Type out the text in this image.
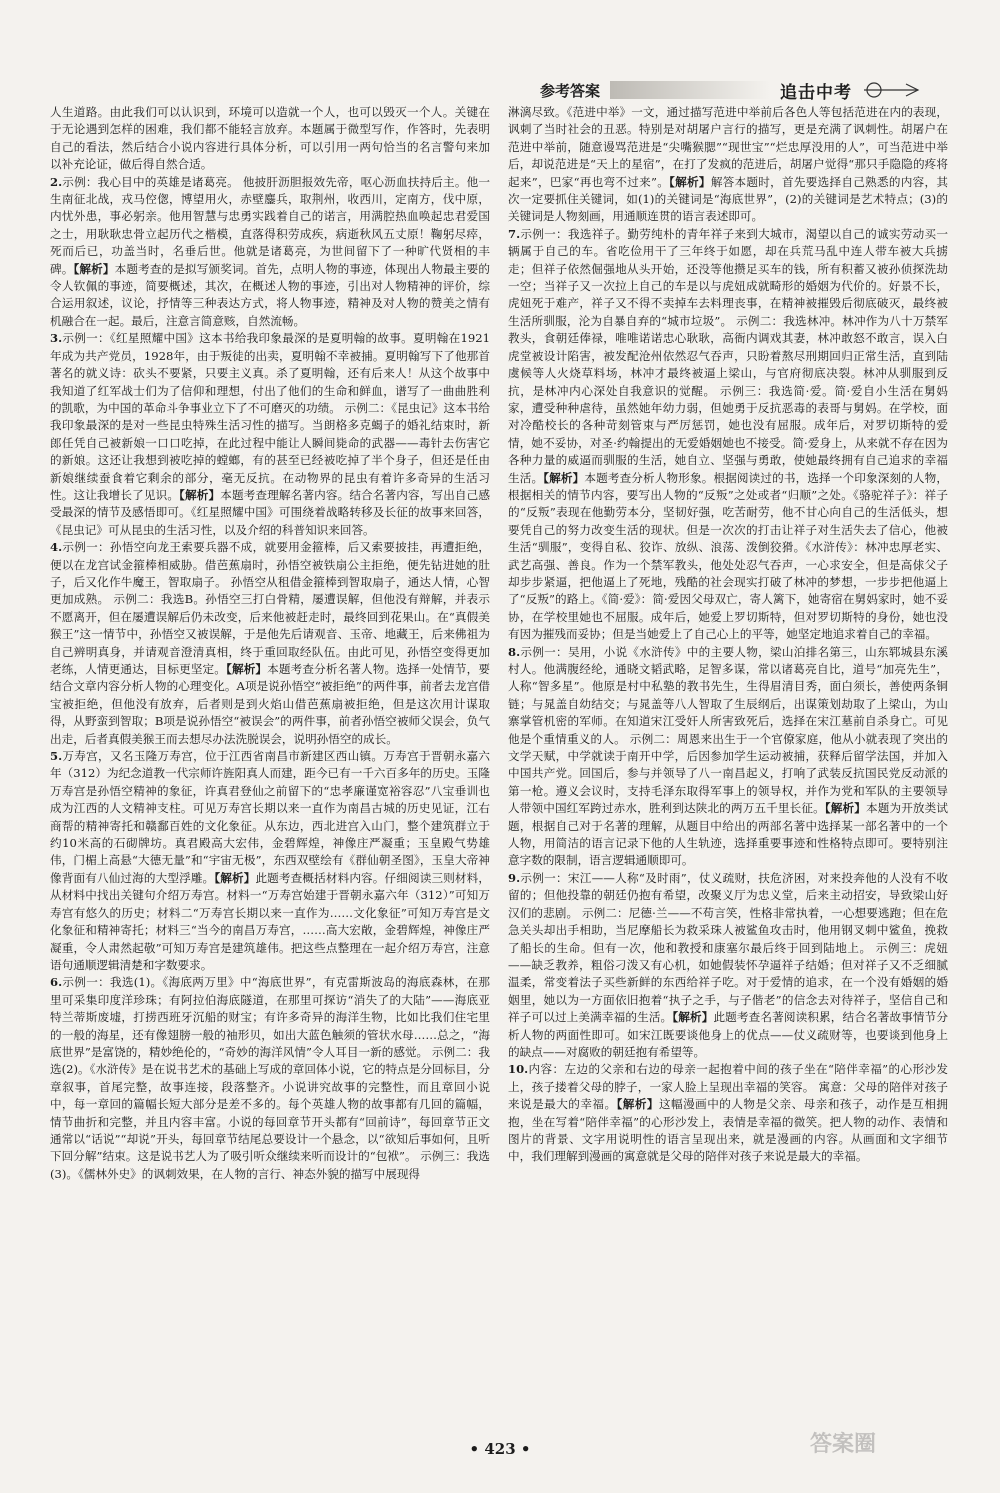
参考答案	追击中考

人生道路。由此我们可以认识到，环境可以造就一个人，也可以毁灭一个人。关键在于无论遇到怎样的困难，我们都不能轻言放弃。本题属于微型写作，作答时，先表明自己的看法，然后结合小说内容进行具体分析，可以引用一两句恰当的名言警句来加以补充论证，做后得自然合适。

2.示例：我心目中的英雄是诸葛亮。 他披肝沥胆报效先帝，呕心沥血扶持后主。他一生南征北战，戎马倥偬，博望用火，赤壁鏖兵，取荆州，收西川，定南方，伐中原，内忧外患，事必躬亲。他用智慧与忠勇实践着自己的诺言，用满腔热血唤起忠君爱国之士，用耿耿忠骨立起历代之楷模，直落得积劳成疾，病逝秋风五丈原！鞠躬尽瘁，死而后已，功盖当时，名垂后世。他就是诸葛亮，为世间留下了一种旷代贤相的丰碑。【解析】本题考查的是拟写颁奖词。首先，点明人物的事迹，体现出人物最主要的令人钦佩的事迹，简要概述，其次，在概述人物的事迹，引出对人物精神的评价，综合运用叙述，议论，抒情等三种表达方式，将人物事迹，精神及对人物的赞美之情有机融合在一起。最后，注意言简意赅，自然流畅。

3.示例一：《红星照耀中国》这本书给我印象最深的是夏明翰的故事。夏明翰在1921年成为共产党员，1928年，由于叛徒的出卖，夏明翰不幸被捕。夏明翰写下了他那首著名的就义诗：砍头不要紧，只要主义真。杀了夏明翰，还有后来人！从这个故事中我知道了红军战士们为了信仰和理想，付出了他们的生命和鲜血，谱写了一曲曲胜利的凯歌，为中国的革命斗争事业立下了不可磨灭的功绩。 示例二：《昆虫记》这本书给我印象最深的是对一些昆虫特殊生活习性的描写。当朗格多克蝎子的婚礼结束时，新郎任凭自己被新娘一口口吃掉，在此过程中能让人瞬间毙命的武器——毒针去伤害它的新娘。这还让我想到被吃掉的螳螂，有的甚至已经被吃掉了半个身子，但还是任由新娘继续蚕食着它剩余的部分，毫无反抗。在动物界的昆虫有着许多奇异的生活习性。这让我增长了见识。【解析】本题考查理解名著内容。结合名著内容，写出自己感受最深的情节及感悟即可。《红星照耀中国》可围绕着战略转移及长征的故事来回答，《昆虫记》可从昆虫的生活习性，以及介绍的科普知识来回答。

4.示例一：孙悟空向龙王索要兵器不成，就要用金箍棒，后又索要披挂，再遭拒绝，便以在龙宫试金箍棒相威胁。借芭蕉扇时，孙悟空被铁扇公主拒绝，便先钻进她的肚子，后又化作牛魔王，智取扇子。 孙悟空从租借金箍棒到智取扇子，通达人情，心智更加成熟。 示例二：我选B。孙悟空三打白骨精，屡遭误解，但他没有辩解，并表示不愿离开，但在屡遭误解后仍未改变，后来他被赶走时，最终回到花果山。在“真假美猴王”这一情节中，孙悟空又被误解，于是他先后请观音、玉帝、地藏王，后来佛祖为自己辨明真身，并请观音澄清真相，终于重回取经队伍。由此可见，孙悟空变得更加老练，人情更通达，目标更坚定。【解析】本题考查分析名著人物。选择一处情节，要结合文章内容分析人物的心理变化。A项是说孙悟空“被拒绝”的两件事，前者去龙宫借宝被拒绝，但他没有放弃，后者则是到火焰山借芭蕉扇被拒绝，但是这次用计谋取得，从野蛮到智取；B项是说孙悟空“被误会”的两件事，前者孙悟空被师父误会，负气出走，后者真假美猴王而去想尽办法洗脱误会，说明孙悟空的成长。

5.万寿宫，又名玉隆万寿宫，位于江西省南昌市新建区西山镇。万寿宫于晋朝永嘉六年（312）为纪念道教一代宗师许旌阳真人而建，距今已有一千六百多年的历史。玉隆万寿宫是孙悟空精神的象征，许真君登仙之前留下的“忠孝廉谨宽裕容忍”八宝垂训也成为江西的人文精神支柱。可见万寿宫长期以来一直作为南昌古城的历史见证，江右商帮的精神寄托和赣鄱百姓的文化象征。从东边，西北进宫入山门，整个建筑群立于约10米高的石砌牌坊。真君殿高大宏伟，金碧辉煌，神像庄严凝重；玉皇殿气势雄伟，门楣上高悬“大德无量”和“宇宙无极”，东西双壁绘有《群仙朝圣图》，玉皇大帝神像背面有八仙过海的大型浮雕。【解析】此题考查概括材料内容。仔细阅读三则材料，从材料中找出关键句介绍万寿宫。材料一“万寿宫始建于晋朝永嘉六年（312）”可知万寿宫有悠久的历史；材料二“万寿宫长期以来一直作为……文化象征”可知万寿宫是文化象征和精神寄托；材料三“当今的南昌万寿宫，……高大宏敞，金碧辉煌，神像庄严凝重，令人肃然起敬”可知万寿宫是建筑雄伟。把这些点整理在一起介绍万寿宫，注意语句通顺逻辑清楚和字数要求。

6.示例一：我选(1)。《海底两万里》中“海底世界”，有克雷斯波岛的海底森林，在那里可采集印度洋珍珠；有阿拉伯海底隧道，在那里可探访“消失了的大陆”——海底亚特兰蒂斯废墟，打捞西班牙沉船的财宝；有许多奇异的海洋生物，比如比我们住宅里的一般的海星，还有像翅膀一般的袖形贝，如出大蓝色触须的管状水母……总之，“海底世界”是富饶的，精妙绝伦的，“奇妙的海洋风情”令人耳目一新的感觉。 示例二：我选(2)。《水浒传》是在说书艺术的基础上写成的章回体小说，它的特点是分回标目，分章叙事，首尾完整，故事连接，段落整齐。小说讲究故事的完整性，而且章回小说中，每一章回的篇幅长短大部分是差不多的。每个英雄人物的故事都有几回的篇幅，情节曲折和完整，并且内容丰富。小说的每回章节开头都有“回前诗”，每回章节正文通常以“话说”“却说”开头，每回章节结尾总要设计一个悬念，以“欲知后事如何，且听下回分解”结束。这是说书艺人为了吸引听众继续来听而设计的“包袱”。 示例三：我选(3)。《儒林外史》的讽刺效果，在人物的言行、神态外貌的描写中展现得

淋漓尽致。《范进中举》一文，通过描写范进中举前后各色人等包括范进在内的表现，讽刺了当时社会的丑恶。特别是对胡屠户言行的描写，更是充满了讽刺性。胡屠户在范进中举前，随意谩骂范进是“尖嘴猴腮”“现世宝”“烂忠厚没用的人”，可当范进中举后，却说范进是“天上的星宿”，在打了发疯的范进后，胡屠户觉得“那只手隐隐的疼将起来”，巴家“再也弯不过来”。【解析】解答本题时，首先要选择自己熟悉的内容，其次一定要抓住关键词，如(1)的关键词是“海底世界”，(2)的关键词是艺术特点；(3)的关键词是人物刻画，用通顺连贯的语言表述即可。

7.示例一：我选祥子。勤劳纯朴的青年祥子来到大城市，渴望以自己的诚实劳动买一辆属于自己的车。省吃俭用干了三年终于如愿，却在兵荒马乱中连人带车被大兵掳走；但祥子依然倔强地从头开始，还没等他攒足买车的钱，所有积蓄又被孙侦探洗劫一空；当祥子又一次拉上自己的车是以与虎妞成就畸形的婚姻为代价的。好景不长，虎妞死于难产，祥子又不得不卖掉车去料理丧事，在精神被摧毁后彻底破灭，最终被生活所驯服，沦为自暴自弃的“城市垃圾”。 示例二：我选林冲。林冲作为八十万禁军教头，食朝廷俸禄，唯唯诺诺忠心耿耿，高衙内调戏其妻，林冲敢怒不敢言，误入白虎堂被设计陷害，被发配沧州依然忍气吞声，只盼着熬尽刑期回归正常生活，直到陆虞候等人火烧草料场，林冲才最终被逼上梁山，与官府彻底决裂。林冲从驯服到反抗，是林冲内心深处自我意识的觉醒。 示例三：我选简·爱。简·爱自小生活在舅妈家，遭受种种虐待，虽然她年幼力弱，但她勇于反抗恶毒的表哥与舅妈。在学校，面对冷酷校长的各种苛刻管束与严厉惩罚，她也没有屈服。成年后，对罗切斯特的爱情，她不妥协，对圣·约翰提出的无爱婚姻她也不接受。简·爱身上，从来就不存在因为各种力量的威逼而驯服的生活，她自立、坚强与勇敢，使她最终拥有自己追求的幸福生活。【解析】本题考查分析人物形象。根据阅读过的书，选择一个印象深刻的人物，根据相关的情节内容，要写出人物的“反叛”之处或者“归顺”之处。《骆驼祥子》：祥子的“反叛”表现在他勤劳本分，坚韧好强，吃苦耐劳，他不甘心向自己的生活低头，想要凭自己的努力改变生活的现状。但是一次次的打击让祥子对生活失去了信心，他被生活“驯服”，变得自私、狡诈、放纵、浪荡、泼倒狡猾。《水浒传》：林冲忠厚老实、武艺高强、善良。作为一个禁军教头，他处处忍气吞声，一心求安全，但是高俅父子却步步紧逼，把他逼上了死地，残酷的社会现实打破了林冲的梦想，一步步把他逼上了“反叛”的路上。《简·爱》：简·爱因父母双亡，寄人篱下，她寄宿在舅妈家时，她不妥协，在学校里她也不屈服。成年后，她爱上罗切斯特，但对罗切斯特的身份，她也没有因为摧残而妥协；但是当她爱上了自己心上的平等，她坚定地追求着自己的幸福。

8.示例一：吴用，小说《水浒传》中的主要人物，梁山泊排名第三，山东郓城县东溪村人。他满腹经纶，通晓文韬武略，足智多谋，常以诸葛亮自比，道号“加亮先生”，人称“智多星”。他原是村中私塾的教书先生，生得眉清目秀，面白须长，善使两条铜链；与晁盖自幼结交；与晁盖等八人智取了生辰纲后，出谋策划劫取了上梁山，为山寨掌管机密的军师。在知道宋江受奸人所害致死后，选择在宋江墓前自杀身亡。可见他是个重情重义的人。 示例二：周恩来出生于一个官僚家庭，他从小就表现了突出的文学天赋，中学就读于南开中学，后因参加学生运动被捕，获释后留学法国，并加入中国共产党。回国后，参与并领导了八一南昌起义，打响了武装反抗国民党反动派的第一枪。遵义会议时，支持毛泽东取得军事上的领导权，并作为党和军队的主要领导人带领中国红军跨过赤水，胜利到达陕北的两万五千里长征。【解析】本题为开放类试题，根据自己对于名著的理解，从题目中给出的两部名著中选择某一部名著中的一个人物，用简洁的语言记录下他的人生轨迹，选择重要事迹和性格特点即可。要特别注意字数的限制，语言逻辑通顺即可。

9.示例一：宋江——人称“及时雨”，仗义疏财，扶危济困，对来投奔他的人没有不收留的；但他投靠的朝廷仍抱有希望，改聚义厅为忠义堂，后来主动招安，导致梁山好汉们的悲剧。 示例二：尼德·兰——不苟言笑，性格非常执着，一心想要逃跑；但在危急关头却出手相助，当尼摩船长为救采珠人被鲨鱼攻击时，他用钢叉刺中鲨鱼，挽救了船长的生命。但有一次，他和教授和康塞尔最后终于回到陆地上。 示例三：虎妞——缺乏教养，粗俗刁泼又有心机，如她假装怀孕逼祥子结婚；但对祥子又不乏细腻温柔，常变着法子买些新鲜的东西给祥子吃。对于爱情的追求，在一个没有婚姻的婚姻里，她以为一方面依旧抱着“执子之手，与子偕老”的信念去对待祥子，坚信自己和祥子可以过上美满幸福的生活。【解析】此题考查名著阅读积累，结合名著故事情节分析人物的两面性即可。如宋江既要谈他身上的优点——仗义疏财等，也要谈到他身上的缺点——对腐败的朝廷抱有希望等。

10.内容：左边的父亲和右边的母亲一起抱着中间的孩子坐在“陪伴幸福”的心形沙发上，孩子搂着父母的脖子，一家人脸上呈现出幸福的笑容。 寓意：父母的陪伴对孩子来说是最大的幸福。【解析】这幅漫画中的人物是父亲、母亲和孩子，动作是互相拥抱，坐在写着“陪伴幸福”的心形沙发上，表情是幸福的微笑。把人物的动作、表情和图片的背景、文字用说明性的语言呈现出来，就是漫画的内容。从画面和文字细节中，我们理解到漫画的寓意就是父母的陪伴对孩子来说是最大的幸福。

• 423 •	答案圈
